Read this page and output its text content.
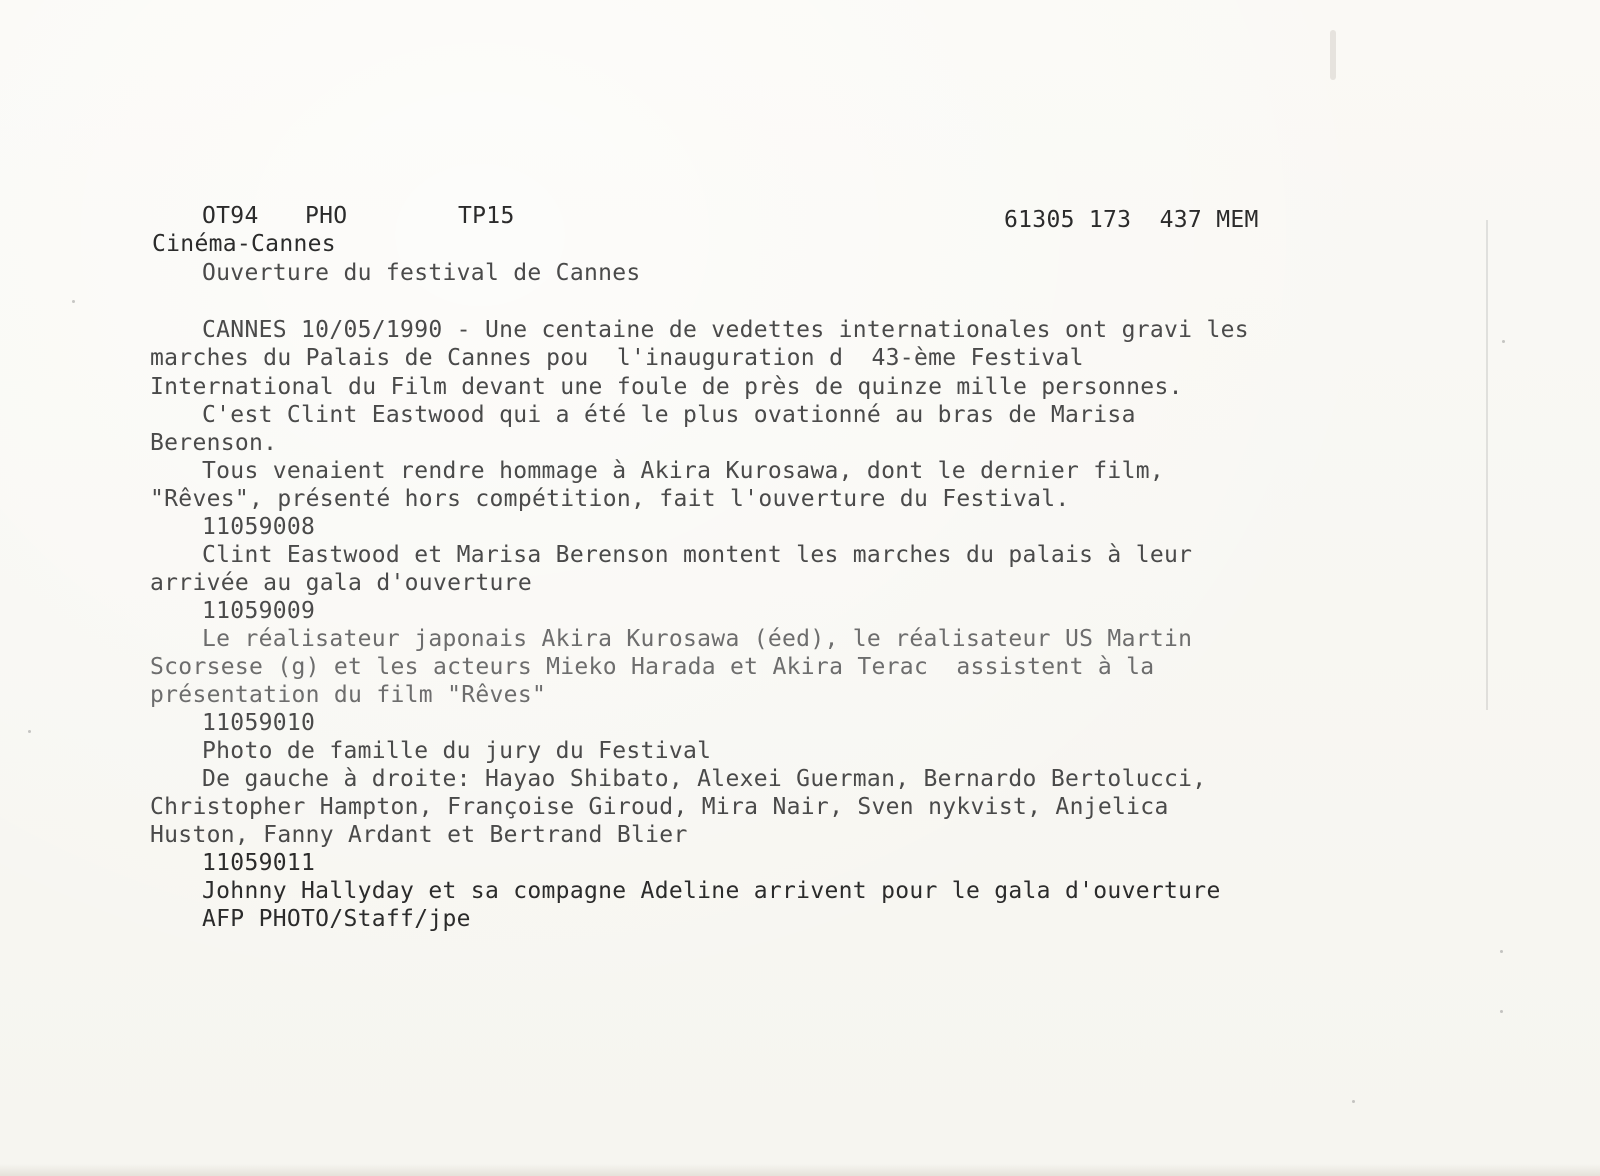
OT94 PHO	TP15	61305 173  437 MEM
Cinéma-Cannes
Ouverture du festival de Cannes
CANNES 10/05/1990 - Une centaine de vedettes internationales ont gravi les
marches du Palais de Cannes pou  l'inauguration d  43-ème Festival
International du Film devant une foule de près de quinze mille personnes.
C'est Clint Eastwood qui a été le plus ovationné au bras de Marisa
Berenson.
Tous venaient rendre hommage à Akira Kurosawa, dont le dernier film,
"Rêves", présenté hors compétition, fait l'ouverture du Festival.
11059008
Clint Eastwood et Marisa Berenson montent les marches du palais à leur
arrivée au gala d'ouverture
11059009
Le réalisateur japonais Akira Kurosawa (éed), le réalisateur US Martin
Scorsese (g) et les acteurs Mieko Harada et Akira Terac  assistent à la
présentation du film "Rêves"
11059010
Photo de famille du jury du Festival
De gauche à droite: Hayao Shibato, Alexei Guerman, Bernardo Bertolucci,
Christopher Hampton, Françoise Giroud, Mira Nair, Sven nykvist, Anjelica
Huston, Fanny Ardant et Bertrand Blier
11059011
Johnny Hallyday et sa compagne Adeline arrivent pour le gala d'ouverture
AFP PHOTO/Staff/jpe
